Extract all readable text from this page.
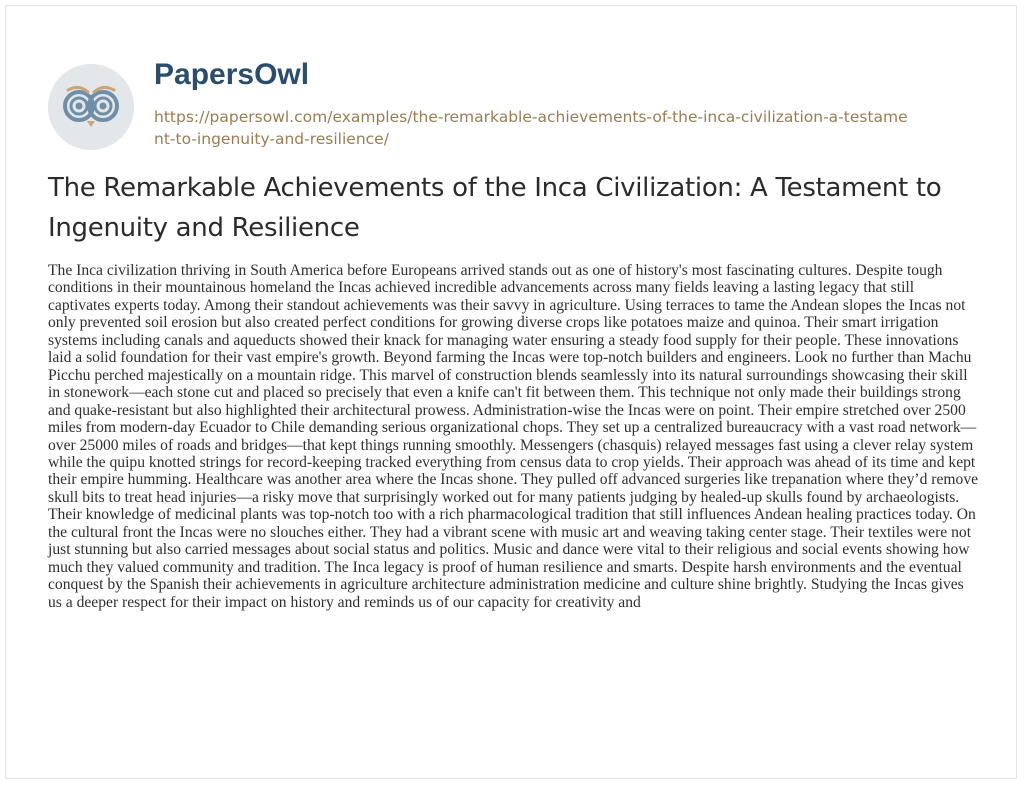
PapersOwl
https://papersowl.com/examples/the-remarkable-achievements-of-the-inca-civilization-a-testament-to-ingenuity-and-resilience/
The Remarkable Achievements of the Inca Civilization: A Testament to Ingenuity and Resilience

The Inca civilization thriving in South America before Europeans arrived stands out as one of history's most fascinating cultures. Despite tough conditions in their mountainous homeland the Incas achieved incredible advancements across many fields leaving a lasting legacy that still captivates experts today. Among their standout achievements was their savvy in agriculture. Using terraces to tame the Andean slopes the Incas not only prevented soil erosion but also created perfect conditions for growing diverse crops like potatoes maize and quinoa. Their smart irrigation systems including canals and aqueducts showed their knack for managing water ensuring a steady food supply for their people. These innovations laid a solid foundation for their vast empire's growth. Beyond farming the Incas were top-notch builders and engineers. Look no further than Machu Picchu perched majestically on a mountain ridge. This marvel of construction blends seamlessly into its natural surroundings showcasing their skill in stonework—each stone cut and placed so precisely that even a knife can't fit between them. This technique not only made their buildings strong and quake-resistant but also highlighted their architectural prowess. Administration-wise the Incas were on point. Their empire stretched over 2500 miles from modern-day Ecuador to Chile demanding serious organizational chops. They set up a centralized bureaucracy with a vast road network—over 25000 miles of roads and bridges—that kept things running smoothly. Messengers (chasquis) relayed messages fast using a clever relay system while the quipu knotted strings for record-keeping tracked everything from census data to crop yields. Their approach was ahead of its time and kept their empire humming. Healthcare was another area where the Incas shone. They pulled off advanced surgeries like trepanation where they’d remove skull bits to treat head injuries—a risky move that surprisingly worked out for many patients judging by healed-up skulls found by archaeologists. Their knowledge of medicinal plants was top-notch too with a rich pharmacological tradition that still influences Andean healing practices today. On the cultural front the Incas were no slouches either. They had a vibrant scene with music art and weaving taking center stage. Their textiles were not just stunning but also carried messages about social status and politics. Music and dance were vital to their religious and social events showing how much they valued community and tradition. The Inca legacy is proof of human resilience and smarts. Despite harsh environments and the eventual conquest by the Spanish their achievements in agriculture architecture administration medicine and culture shine brightly. Studying the Incas gives us a deeper respect for their impact on history and reminds us of our capacity for creativity and
